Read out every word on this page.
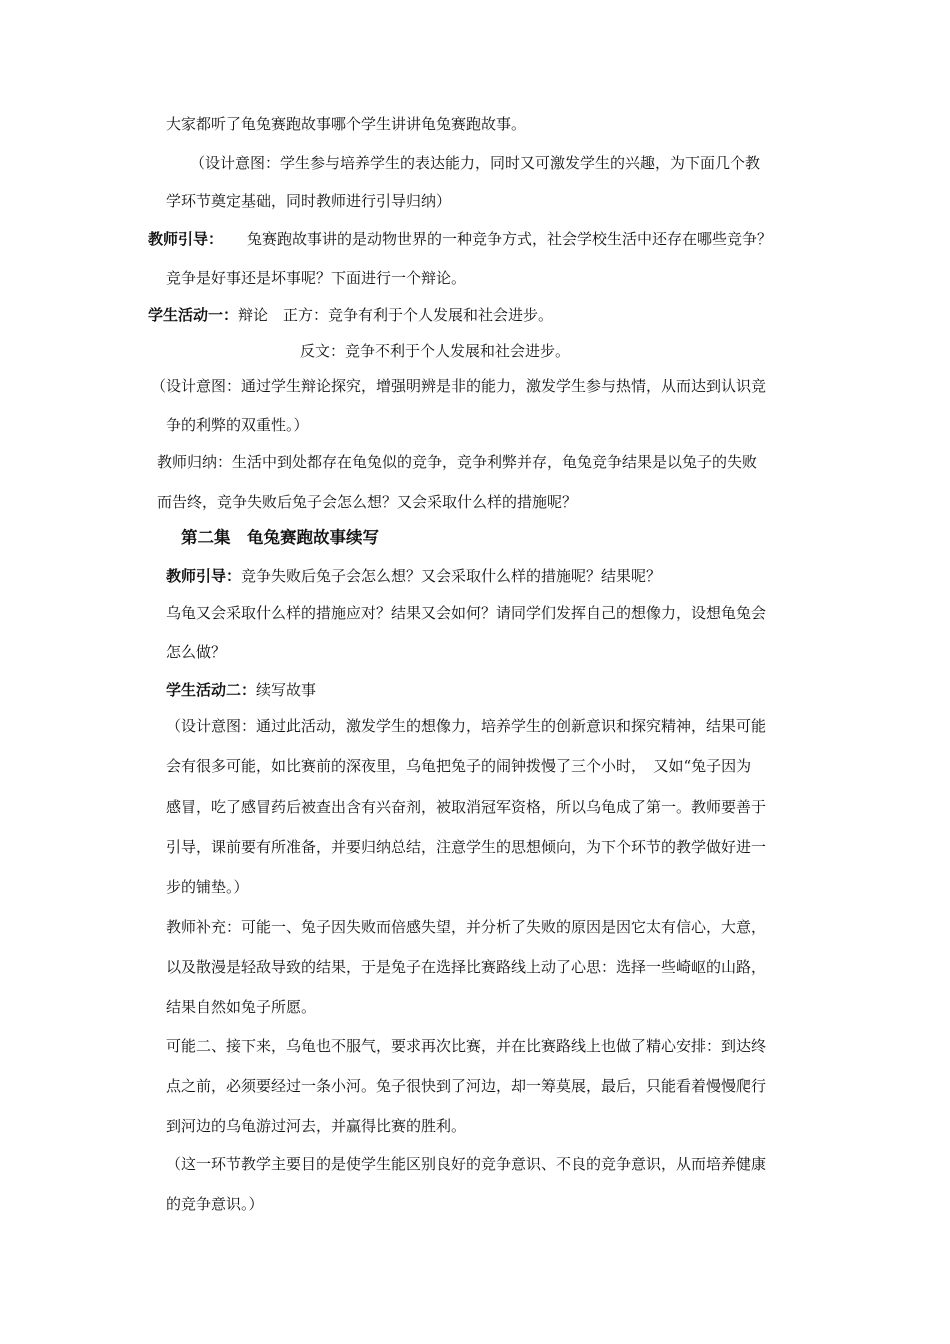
大家都听了龟兔赛跑故事哪个学生讲讲龟兔赛跑故事。
（设计意图：学生参与培养学生的表达能力，同时又可激发学生的兴趣，为下面几个教
学环节奠定基础，同时教师进行引导归纳）
教师引导： 兔赛跑故事讲的是动物世界的一种竞争方式，社会学校生活中还存在哪些竞争？
竞争是好事还是坏事呢？下面进行一个辩论。
学生活动一：辩论　正方：竞争有利于个人发展和社会进步。
反文：竞争不利于个人发展和社会进步。
（设计意图：通过学生辩论探究，增强明辨是非的能力，激发学生参与热情，从而达到认识竞
争的利弊的双重性。）
教师归纳：生活中到处都存在龟兔似的竞争，竞争利弊并存，龟兔竞争结果是以兔子的失败
而告终，竞争失败后兔子会怎么想？又会采取什么样的措施呢？
第二集　龟兔赛跑故事续写
教师引导：竞争失败后兔子会怎么想？又会采取什么样的措施呢？结果呢？
乌龟又会采取什么样的措施应对？结果又会如何？请同学们发挥自己的想像力，设想龟兔会
怎么做？
学生活动二：续写故事
（设计意图：通过此活动，激发学生的想像力，培养学生的创新意识和探究精神，结果可能
会有很多可能，如比赛前的深夜里，乌龟把兔子的闹钟拨慢了三个小时，　又如“兔子因为
感冒，吃了感冒药后被查出含有兴奋剂，被取消冠军资格，所以乌龟成了第一。教师要善于
引导，课前要有所准备，并要归纳总结，注意学生的思想倾向，为下个环节的教学做好进一
步的铺垫。）
教师补充：可能一、兔子因失败而倍感失望，并分析了失败的原因是因它太有信心，大意，
以及散漫是轻敌导致的结果，于是兔子在选择比赛路线上动了心思：选择一些崎岖的山路，
结果自然如兔子所愿。
可能二、接下来，乌龟也不服气，要求再次比赛，并在比赛路线上也做了精心安排：到达终
点之前，必须要经过一条小河。兔子很快到了河边，却一筹莫展，最后，只能看着慢慢爬行
到河边的乌龟游过河去，并赢得比赛的胜利。
（这一环节教学主要目的是使学生能区别良好的竞争意识、不良的竞争意识，从而培养健康
的竞争意识。）
